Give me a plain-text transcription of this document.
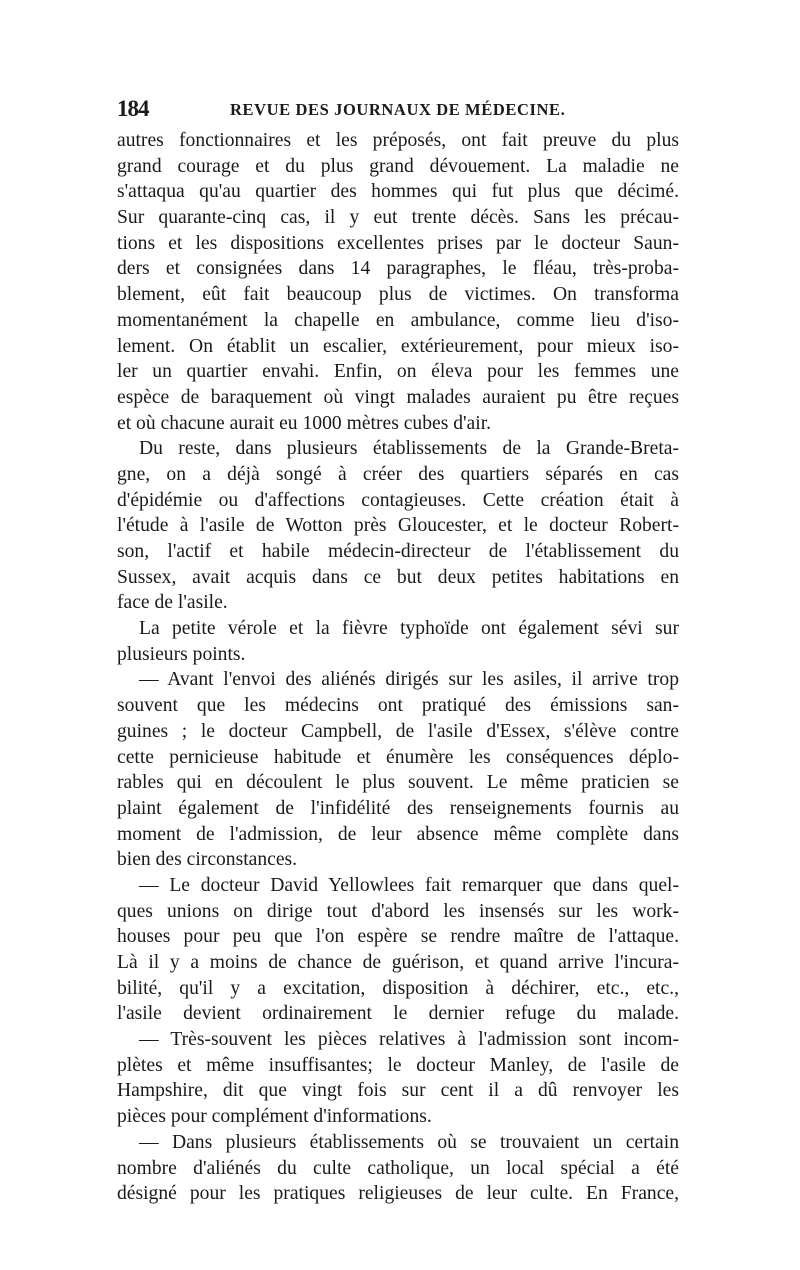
184	REVUE DES JOURNAUX DE MÉDECINE.
autres fonctionnaires et les préposés, ont fait preuve du plus
grand courage et du plus grand dévouement. La maladie ne
s'attaqua qu'au quartier des hommes qui fut plus que décimé.
Sur quarante-cinq cas, il y eut trente décès. Sans les précau-
tions et les dispositions excellentes prises par le docteur Saun-
ders et consignées dans 14 paragraphes, le fléau, très-proba-
blement, eût fait beaucoup plus de victimes. On transforma
momentanément la chapelle en ambulance, comme lieu d'iso-
lement. On établit un escalier, extérieurement, pour mieux iso-
ler un quartier envahi. Enfin, on éleva pour les femmes une
espèce de baraquement où vingt malades auraient pu être reçues
et où chacune aurait eu 1000 mètres cubes d'air.
Du reste, dans plusieurs établissements de la Grande-Breta-
gne, on a déjà songé à créer des quartiers séparés en cas
d'épidémie ou d'affections contagieuses. Cette création était à
l'étude à l'asile de Wotton près Gloucester, et le docteur Robert-
son, l'actif et habile médecin-directeur de l'établissement du
Sussex, avait acquis dans ce but deux petites habitations en
face de l'asile.
La petite vérole et la fièvre typhoïde ont également sévi sur
plusieurs points.
— Avant l'envoi des aliénés dirigés sur les asiles, il arrive trop
souvent que les médecins ont pratiqué des émissions san-
guines ; le docteur Campbell, de l'asile d'Essex, s'élève contre
cette pernicieuse habitude et énumère les conséquences déplo-
rables qui en découlent le plus souvent. Le même praticien se
plaint également de l'infidélité des renseignements fournis au
moment de l'admission, de leur absence même complète dans
bien des circonstances.
— Le docteur David Yellowlees fait remarquer que dans quel-
ques unions on dirige tout d'abord les insensés sur les work-
houses pour peu que l'on espère se rendre maître de l'attaque.
Là il y a moins de chance de guérison, et quand arrive l'incura-
bilité, qu'il y a excitation, disposition à déchirer, etc., etc.,
l'asile devient ordinairement le dernier refuge du malade.
— Très-souvent les pièces relatives à l'admission sont incom-
plètes et même insuffisantes; le docteur Manley, de l'asile de
Hampshire, dit que vingt fois sur cent il a dû renvoyer les
pièces pour complément d'informations.
— Dans plusieurs établissements où se trouvaient un certain
nombre d'aliénés du culte catholique, un local spécial a été
désigné pour les pratiques religieuses de leur culte. En France,
